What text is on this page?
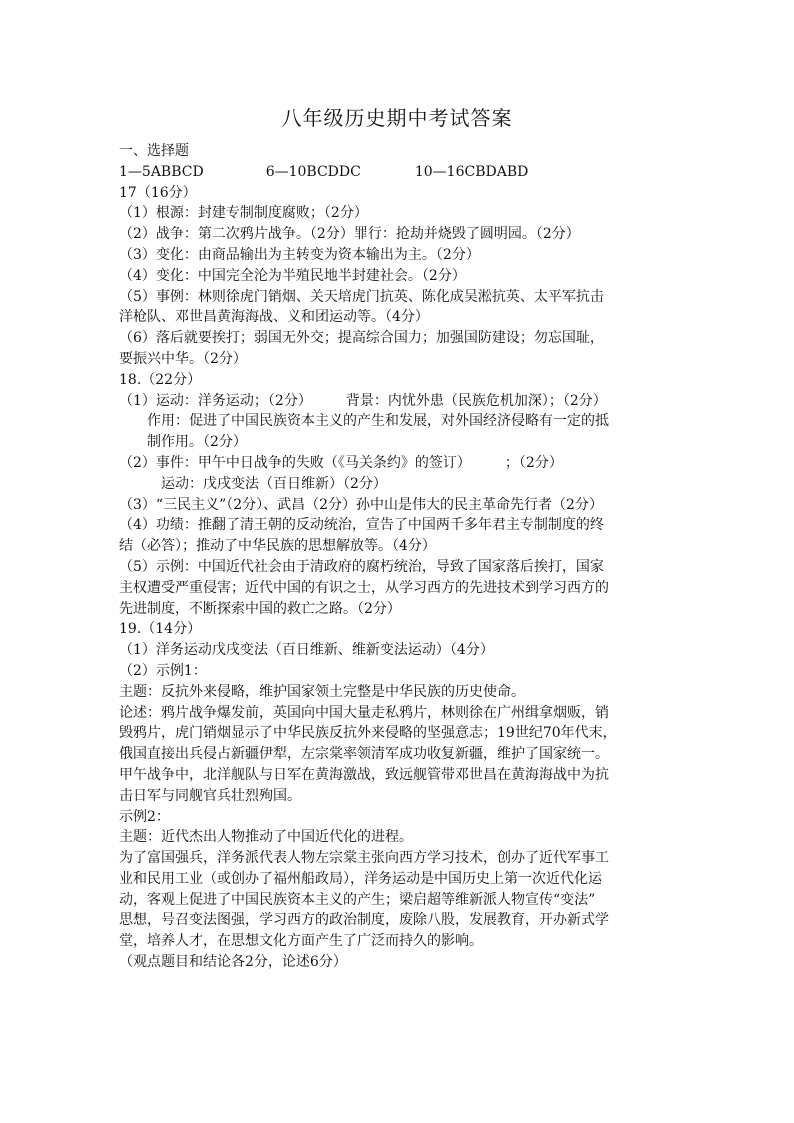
八年级历史期中考试答案
一、选择题
1—5ABBCD	6—10BCDDC	10—16CBDABD
17（16分）
（1）根源：封建专制制度腐败；（2分）
（2）战争：第二次鸦片战争。（2分）罪行：抢劫并烧毁了圆明园。（2分）
（3）变化：由商品输出为主转变为资本输出为主。（2分）
（4）变化：中国完全沦为半殖民地半封建社会。（2分）
（5）事例：林则徐虎门销烟、关天培虎门抗英、陈化成吴淞抗英、太平军抗击
洋枪队、邓世昌黄海海战、义和团运动等。（4分）
（6）落后就要挨打；弱国无外交；提高综合国力；加强国防建设；勿忘国耻，
要振兴中华。（2分）
18.（22分）
（1）运动：洋务运动；（2分） 背景：内忧外患（民族危机加深）；（2分）
作用：促进了中国民族资本主义的产生和发展，对外国经济侵略有一定的抵
制作用。（2分）
（2）事件：甲午中日战争的失败（《马关条约》的签订） ；（2分）
运动：戊戌变法（百日维新）（2分）
（3）“三民主义”（2分）、武昌（2分）孙中山是伟大的民主革命先行者（2分）
（4）功绩：推翻了清王朝的反动统治，宣告了中国两千多年君主专制制度的终
结（必答）；推动了中华民族的思想解放等。（4分）
（5）示例：中国近代社会由于清政府的腐朽统治，导致了国家落后挨打，国家
主权遭受严重侵害；近代中国的有识之士，从学习西方的先进技术到学习西方的
先进制度，不断探索中国的救亡之路。（2分）
19.（14分）
（1）洋务运动戊戌变法（百日维新、维新变法运动）（4分）
（2）示例1：
主题：反抗外来侵略，维护国家领土完整是中华民族的历史使命。
论述：鸦片战争爆发前，英国向中国大量走私鸦片，林则徐在广州缉拿烟贩，销
毁鸦片，虎门销烟显示了中华民族反抗外来侵略的坚强意志；19世纪70年代末，
俄国直接出兵侵占新疆伊犁，左宗棠率领清军成功收复新疆，维护了国家统一。
甲午战争中，北洋舰队与日军在黄海激战，致远舰管带邓世昌在黄海海战中为抗
击日军与同舰官兵壮烈殉国。
示例2：
主题：近代杰出人物推动了中国近代化的进程。
为了富国强兵，洋务派代表人物左宗棠主张向西方学习技术，创办了近代军事工
业和民用工业（或创办了福州船政局），洋务运动是中国历史上第一次近代化运
动，客观上促进了中国民族资本主义的产生；梁启超等维新派人物宣传“变法”
思想，号召变法图强，学习西方的政治制度，废除八股，发展教育，开办新式学
堂，培养人才，在思想文化方面产生了广泛而持久的影响。
（观点题目和结论各2分，论述6分）
